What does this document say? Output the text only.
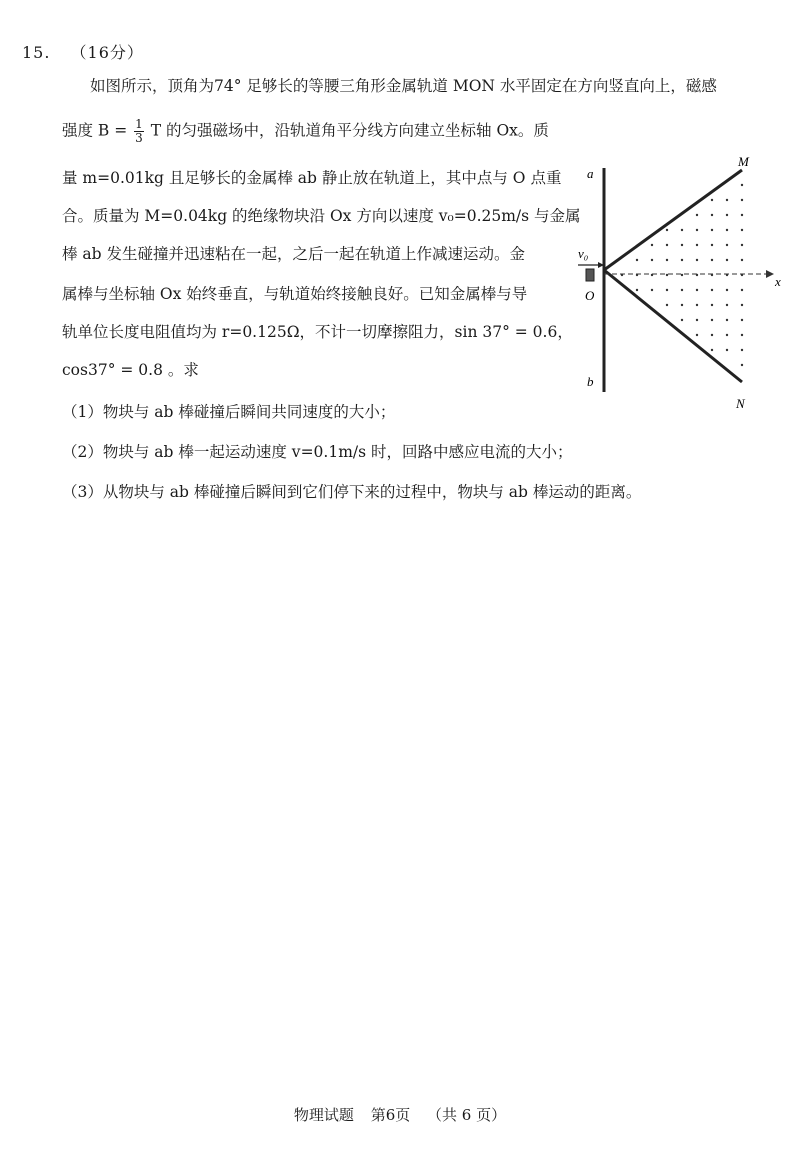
15. （16分）
如图所示，顶角为74° 足够长的等腰三角形金属轨道 MON 水平固定在方向竖直向上，磁感
强度 $B = \frac{1}{3}$ T 的匀强磁场中，沿轨道角平分线方向建立坐标轴 Ox。质
量 m=0.01kg 且足够长的金属棒 ab 静止放在轨道上，其中点与 O 点重
合。质量为 M=0.04kg 的绝缘物块沿 Ox 方向以速度 v₀=0.25m/s 与金属
棒 ab 发生碰撞并迅速粘在一起，之后一起在轨道上作减速运动。金
属棒与坐标轴 Ox 始终垂直，与轨道始终接触良好。已知金属棒与导
轨单位长度电阻值均为 r=0.125Ω，不计一切摩擦阻力，sin 37° = 0.6，
cos37° = 0.8 。求
（1）物块与 ab 棒碰撞后瞬间共同速度的大小；
（2）物块与 ab 棒一起运动速度 v=0.1m/s 时，回路中感应电流的大小；
（3）从物块与 ab 棒碰撞后瞬间到它们停下来的过程中，物块与 ab 棒运动的距离。
a
b
M
N
O
x
v₀
物理试题 第6页 （共 6 页）
